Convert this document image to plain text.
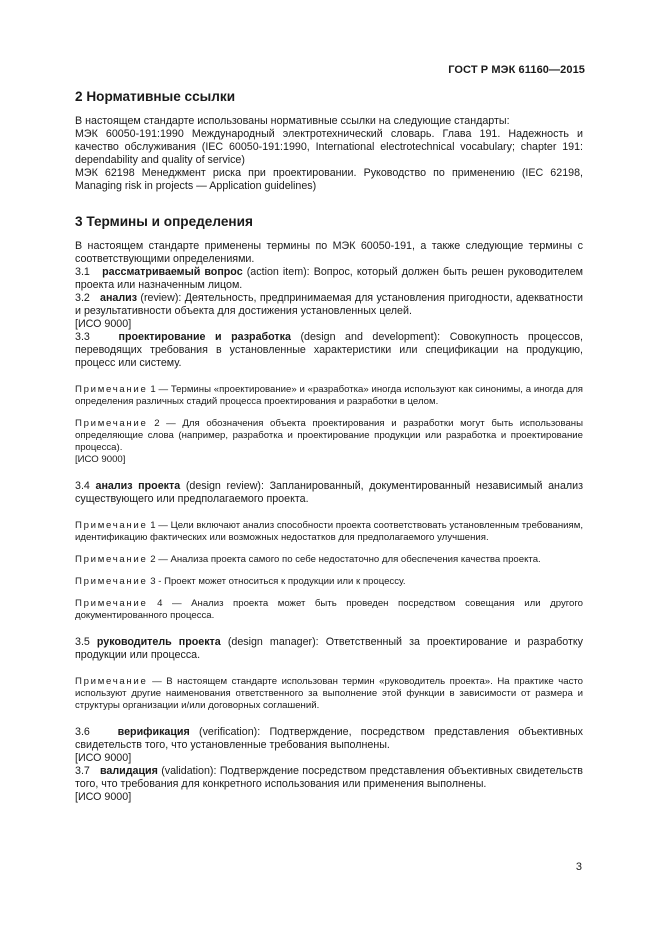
ГОСТ Р МЭК 61160—2015
2 Нормативные ссылки

В настоящем стандарте использованы нормативные ссылки на следующие стандарты:

МЭК 60050-191:1990 Международный электротехнический словарь. Глава 191. Надежность и качество обслуживания (IEC 60050-191:1990, International electrotechnical vocabulary; chapter 191: dependability and quality of service)

МЭК 62198 Менеджмент риска при проектировании. Руководство по применению (IEC 62198, Managing risk in projects — Application guidelines)

3 Термины и определения

В настоящем стандарте применены термины по МЭК 60050-191, а также следующие термины с соответствующими определениями.

3.1 рассматриваемый вопрос (action item): Вопрос, который должен быть решен руководителем проекта или назначенным лицом.

3.2 анализ (review): Деятельность, предпринимаемая для установления пригодности, адекватности и результативности объекта для достижения установленных целей.

[ИСО 9000]

3.3	проектирование и разработка (design and development): Совокупность процессов, переводящих требования в установленные характеристики или спецификации на продукцию, процесс или систему.

Примечание 1 — Термины «проектирование» и «разработка» иногда используют как синонимы, а иногда для определения различных стадий процесса проектирования и разработки в целом.

Примечание 2 — Для обозначения объекта проектирования и разработки могут быть использованы определяющие слова (например, разработка и проектирование продукции или разработка и проектирование процесса).

[ИСО 9000]

3.4 анализ проекта (design review): Запланированный, документированный независимый анализ существующего или предполагаемого проекта.

Примечание 1 — Цели включают анализ способности проекта соответствовать установленным требованиям, идентификацию фактических или возможных недостатков для предполагаемого улучшения.

Примечание 2 — Анализа проекта самого по себе недостаточно для обеспечения качества проекта.

Примечание 3 - Проект может относиться к продукции или к процессу.

Примечание 4 — Анализ проекта может быть проведен посредством совещания или другого документированного процесса.

3.5 руководитель проекта (design manager): Ответственный за проектирование и разработку продукции или процесса.

Примечание — В настоящем стандарте использован термин «руководитель проекта». На практике часто используют другие наименования ответственного за выполнение этой функции в зависимости от размера и структуры организации и/или договорных соглашений.

3.6	верификация (verification): Подтверждение, посредством представления объективных свидетельств того, что установленные требования выполнены.

[ИСО 9000]

3.7 валидация (validation): Подтверждение посредством представления объективных свидетельств того, что требования для конкретного использования или применения выполнены.

[ИСО 9000]

3
